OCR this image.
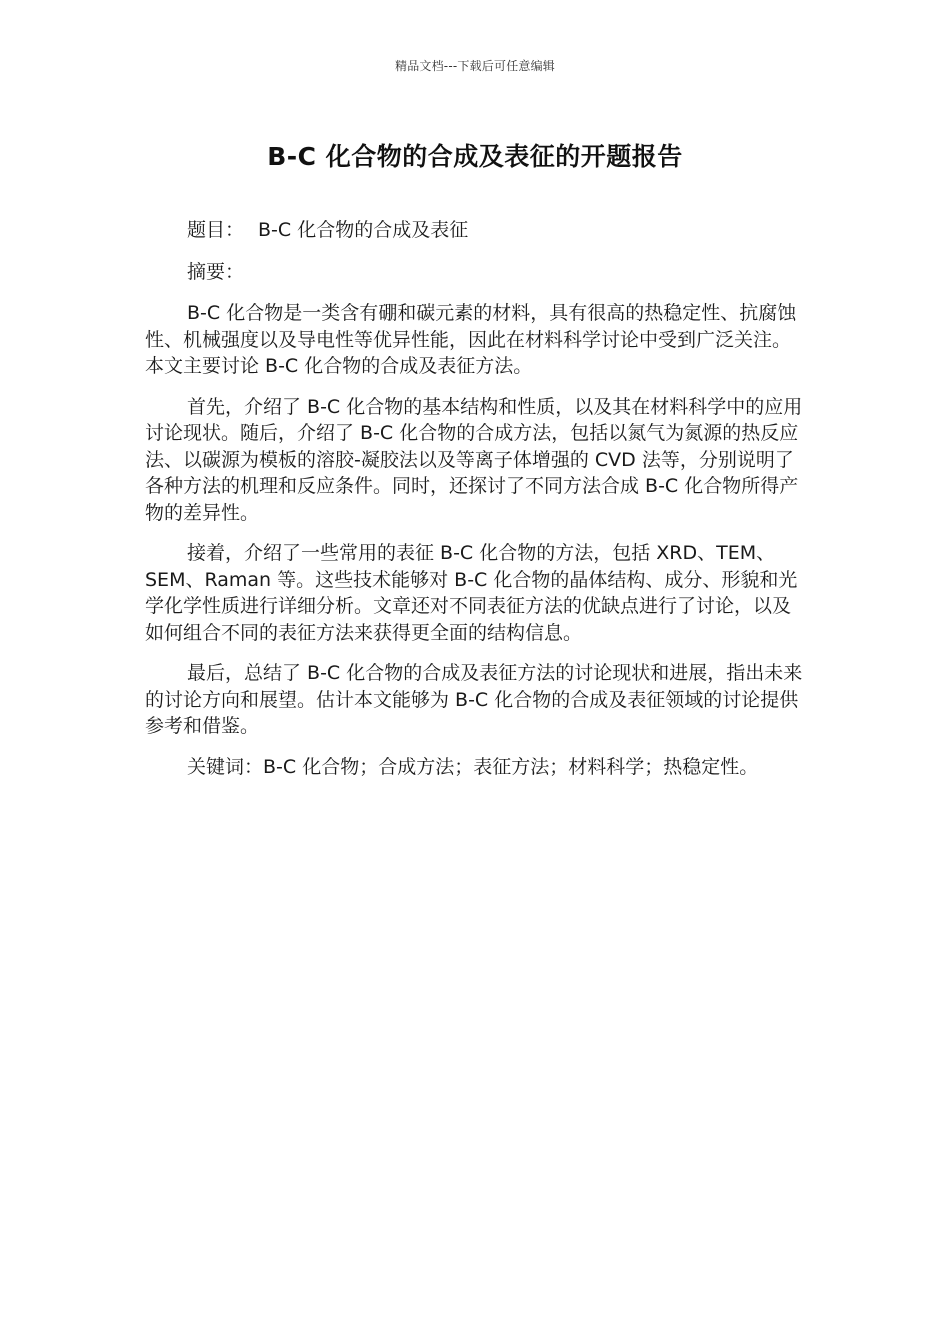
精品文档---下载后可任意编辑
B-C 化合物的合成及表征的开题报告

题目： B-C 化合物的合成及表征

摘要：

B-C 化合物是一类含有硼和碳元素的材料，具有很高的热稳定性、抗腐蚀性、机械强度以及导电性等优异性能，因此在材料科学讨论中受到广泛关注。本文主要讨论 B-C 化合物的合成及表征方法。

首先，介绍了 B-C 化合物的基本结构和性质，以及其在材料科学中的应用讨论现状。随后，介绍了 B-C 化合物的合成方法，包括以氮气为氮源的热反应法、以碳源为模板的溶胶-凝胶法以及等离子体增强的 CVD 法等，分别说明了各种方法的机理和反应条件。同时，还探讨了不同方法合成 B-C 化合物所得产物的差异性。

接着，介绍了一些常用的表征 B-C 化合物的方法，包括 XRD、TEM、SEM、Raman 等。这些技术能够对 B-C 化合物的晶体结构、成分、形貌和光学化学性质进行详细分析。文章还对不同表征方法的优缺点进行了讨论，以及如何组合不同的表征方法来获得更全面的结构信息。

最后，总结了 B-C 化合物的合成及表征方法的讨论现状和进展，指出未来的讨论方向和展望。估计本文能够为 B-C 化合物的合成及表征领域的讨论提供参考和借鉴。

关键词：B-C 化合物；合成方法；表征方法；材料科学；热稳定性。
